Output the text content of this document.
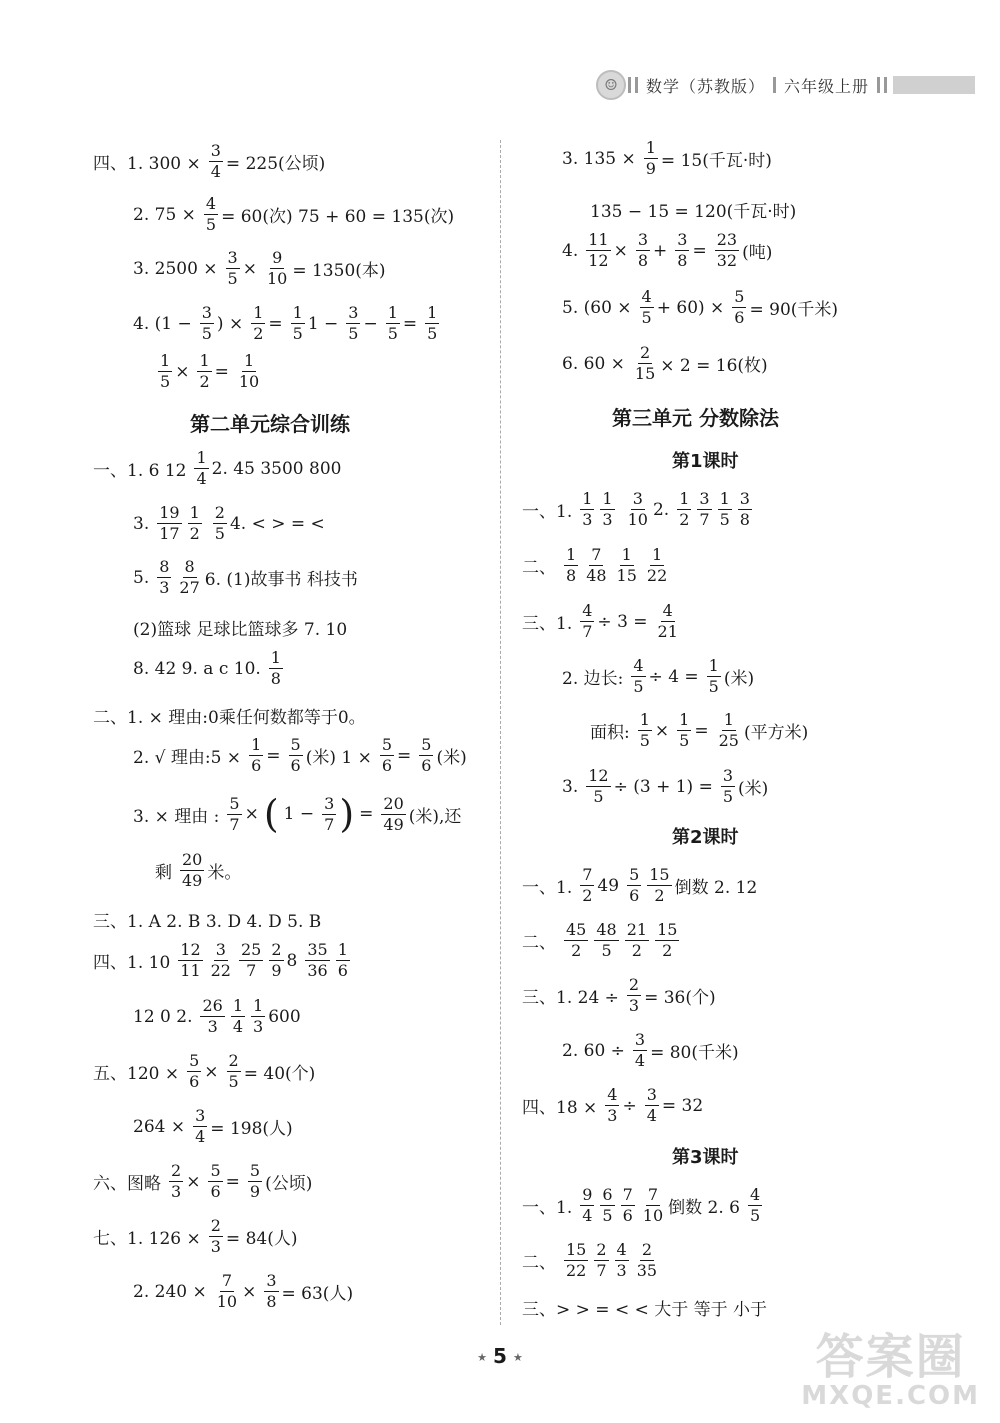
☺	数学（苏教版） 六年级上册
四、1. $300 \times \frac{3}{4} = 225$(公顷)
2. $75 \times \frac{4}{5} = 60$(次) 75 + 60 = 135(次)
3. $2500 \times \frac{3}{5} \times \frac{9}{10} = 1350$(本)
4. ($1 - \frac{3}{5}$ ) × $\frac{1}{2} = \frac{1}{5} 1 - \frac{3}{5} - \frac{1}{5} = \frac{1}{5}$
$\frac{1}{5} \times \frac{1}{2} = \frac{1}{10}$
第二单元综合训练
一、1. 6 $12 \frac{1}{4} 2$. 45 3500 800
3. $\frac{19}{17} \frac{1}{2} \frac{2}{5} 4$. < > = <
5. $\frac{8}{3} \frac{8}{27} 6$. (1)故事书 科技书
(2)篮球 足球比篮球多 7. 10
8. 42 9. a c 10. $\frac{1}{8}$
二、1. × 理由:0乘任何数都等于0。
2. √ 理由:5 × $\frac{1}{6} = \frac{5}{6}$ (米) $1 \times \frac{5}{6} = \frac{5}{6}$ (米)
3. × 理由 : $\frac{5}{7}$ × ( $1 - \frac{3}{7}$ ) = $\frac{20}{49}$ (米),还
剩 $\frac{20}{49}$ 米。
三、1. A 2. B 3. D 4. D 5. B
四、1. $10 \frac{12}{11} \frac{3}{22} \frac{25}{7} \frac{2}{9} 8 \frac{35}{36} \frac{1}{6}$
12 0 2. $\frac{26}{3} \frac{1}{4} \frac{1}{3} 600$
五、$120 \times \frac{5}{6} \times \frac{2}{5} = 40$(个)
$264 \times \frac{3}{4} = 198$(人)
六、图略 $\frac{2}{3} \times \frac{5}{6} = \frac{5}{9}$ (公顷)
七、1. $126 \times \frac{2}{3} = 84$(人)
2. $240 \times \frac{7}{10} \times \frac{3}{8} = 63$(人)
3. $135 \times \frac{1}{9} = 15$(千瓦·时)
135 − 15 = 120(千瓦·时)
4. $\frac{11}{12} \times \frac{3}{8} + \frac{3}{8} = \frac{23}{32}$ (吨)
5. $(60 \times \frac{4}{5} + 60) \times \frac{5}{6} = 90$(千米)
6. $60 \times \frac{2}{15} \times 2 = 16$(枚)
第三单元 分数除法
第1课时
一、1. $\frac{1}{3} \frac{1}{3} \frac{3}{10} 2$. $\frac{1}{2} \frac{3}{7} \frac{1}{5} \frac{3}{8}$
二、 $\frac{1}{8} \frac{7}{48} \frac{1}{15} \frac{1}{22}$
三、1. $\frac{4}{7} \div 3 = \frac{4}{21}$
2. 边长: $\frac{4}{5} \div 4 = \frac{1}{5}$ (米)
面积: $\frac{1}{5} \times \frac{1}{5} = \frac{1}{25}$ (平方米)
3. $\frac{12}{5} \div (3 + 1) = \frac{3}{5}$ (米)
第2课时
一、1. $\frac{7}{2} 49 \frac{5}{6} \frac{15}{2}$ 倒数 2. 12
二、 $\frac{45}{2} \frac{48}{5} \frac{21}{2} \frac{15}{2}$
三、1. $24 \div \frac{2}{3} = 36$(个)
2. $60 \div \frac{3}{4} = 80$(千米)
四、$18 \times \frac{4}{3} \div \frac{3}{4} = 32$
第3课时
一、1. $\frac{9}{4} \frac{6}{5} \frac{7}{6} \frac{7}{10}$ 倒数 2. $6 \frac{4}{5}$
二、 $\frac{15}{22} \frac{2}{7} \frac{4}{3} \frac{2}{35}$
三、> > = < < 大于 等于 小于
★ 5 ★	答案圈
MXQE.COM
